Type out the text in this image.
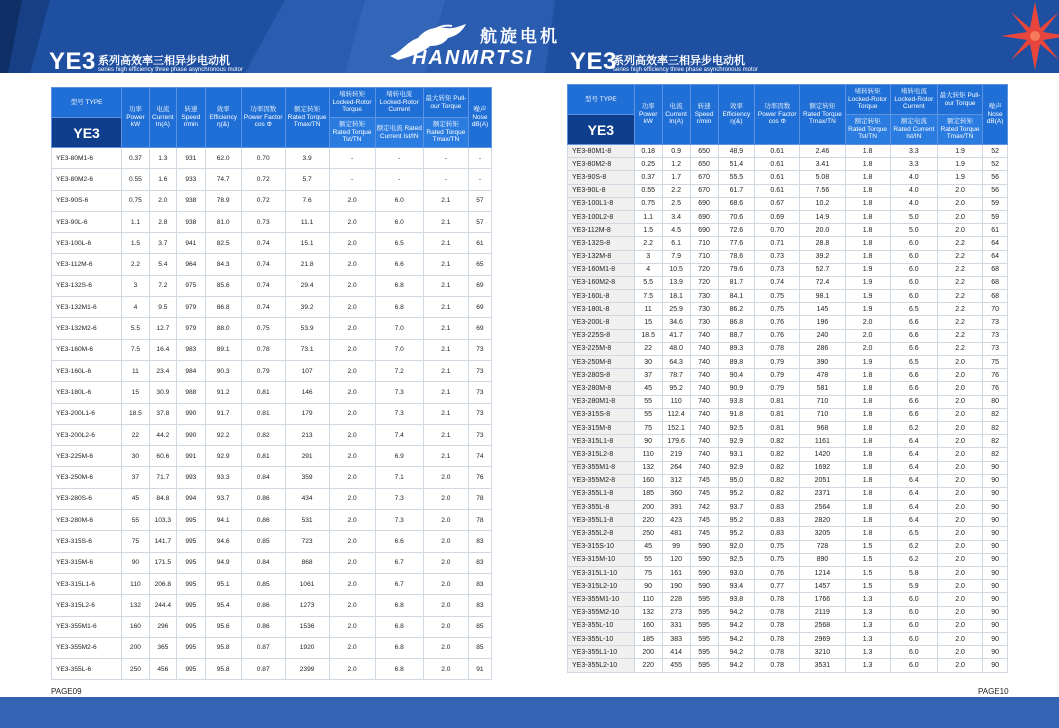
航旋电机
HANMRTSI
YE3 系列高效率三相异步电动机
series high efficiency three phase asynchronous motor	YE3
系列高效率三相异步电动机
series high efficiency three phase asynchronous motor
型号 TYPE	功率 Power kW	电流 Current In(A)	转速 Speed r/min	效率 Efficiency η(&)	功率因数 Power Factor cos Φ	额定转矩 Rated Torque Tmax/TN	堵转转矩 Locked-Rotor Torque	堵转电流 Locked-Rotor Current	最大转矩 Pull-our Torque	噪声 Nose dB(A)
YE3							额定转矩 Rated Torque Tst/TN	额定电流 Rated Current Ist/IN	额定转矩 Rated Torque Tmax/TN	
YE3-80M1-6	0.37	1.3	931	62.0	0.70	3.9	-	-	-	-
YE3-80M2-6	0.55	1.6	933	74.7	0.72	5.7	-	-	-	-
YE3-90S-6	0.75	2.0	938	78.9	0.72	7.6	2.0	6.0	2.1	57
YE3-90L-6	1.1	2.8	938	81.0	0.73	11.1	2.0	6.0	2.1	57
YE3-100L-6	1.5	3.7	941	82.5	0.74	15.1	2.0	6.5	2.1	61
YE3-112M-6	2.2	5.4	964	84.3	0.74	21.8	2.0	6.6	2.1	65
YE3-132S-6	3	7.2	975	85.6	0.74	29.4	2.0	6.8	2.1	69
YE3-132M1-6	4	9.5	979	86.8	0.74	39.2	2.0	6.8	2.1	69
YE3-132M2-6	5.5	12.7	979	88.0	0.75	53.9	2.0	7.0	2.1	69
YE3-160M-6	7.5	16.4	983	89.1	0.78	73.1	2.0	7.0	2.1	73
YE3-160L-6	11	23.4	984	90.3	0.79	107	2.0	7.2	2.1	73
YE3-180L-6	15	30.9	988	91.2	0.81	146	2.0	7.3	2.1	73
YE3-200L1-6	18.5	37.8	990	91.7	0.81	179	2.0	7.3	2.1	73
YE3-200L2-6	22	44.2	990	92.2	0.82	213	2.0	7.4	2.1	73
YE3-225M-6	30	60.6	991	92.9	0.81	291	2.0	6.9	2.1	74
YE3-250M-6	37	71.7	993	93.3	0.84	359	2.0	7.1	2.0	76
YE3-280S-6	45	84.8	994	93.7	0.86	434	2.0	7.3	2.0	78
YE3-280M-6	55	103.3	995	94.1	0.86	531	2.0	7.3	2.0	78
YE3-315S-6	75	141.7	995	94.6	0.85	723	2.0	6.6	2.0	83
YE3-315M-6	90	171.5	995	94.9	0.84	868	2.0	6.7	2.0	83
YE3-315L1-6	110	206.8	995	95.1	0.85	1061	2.0	6.7	2.0	83
YE3-315L2-6	132	244.4	995	95.4	0.86	1273	2.0	6.8	2.0	83
YE3-355M1-6	160	296	995	95.6	0.86	1536	2.0	6.8	2.0	85
YE3-355M2-6	200	365	995	95.8	0.87	1920	2.0	6.8	2.0	85
YE3-355L-6	250	456	995	95.8	0.87	2399	2.0	6.8	2.0	91
型号 TYPE	功率 Power kW	电流 Current In(A)	转速 Speed r/min	效率 Efficiency η(&)	功率因数 Power Factor cos Φ	额定转矩 Rated Torque Tmax/TN	堵转转矩 Locked-Rotor Torque	堵转电流 Locked-Rotor Current	最大转矩 Pull-our Torque	噪声 Nose dB(A)
YE3							额定转矩 Rated Torque Tst/TN	额定电流 Rated Current Ist/IN	额定转矩 Rated Torque Tmax/TN	
YE3-80M1-8	0.18	0.9	650	48.9	0.61	2.46	1.8	3.3	1.9	52
YE3-80M2-8	0.25	1.2	650	51.4	0.61	3.41	1.8	3.3	1.9	52
YE3-90S-8	0.37	1.7	670	55.5	0.61	5.08	1.8	4.0	1.9	56
YE3-90L-8	0.55	2.2	670	61.7	0.61	7.56	1.8	4.0	2.0	56
YE3-100L1-8	0.75	2.5	690	68.6	0.67	10.2	1.8	4.0	2.0	59
YE3-100L2-8	1.1	3.4	690	70.6	0.69	14.9	1.8	5.0	2.0	59
YE3-112M-8	1.5	4.5	690	72.6	0.70	20.0	1.8	5.0	2.0	61
YE3-132S-8	2.2	6.1	710	77.6	0.71	28.8	1.8	6.0	2.2	64
YE3-132M-8	3	7.9	710	78.6	0.73	39.2	1.8	6.0	2.2	64
YE3-160M1-8	4	10.5	720	79.6	0.73	52.7	1.9	6.0	2.2	68
YE3-160M2-8	5.5	13.9	720	81.7	0.74	72.4	1.9	6.0	2.2	68
YE3-160L-8	7.5	18.1	730	84.1	0.75	98.1	1.9	6.0	2.2	68
YE3-180L-8	11	25.9	730	86.2	0.75	145	1.9	6.5	2.2	70
YE3-200L-8	15	34.6	730	86.8	0.76	196	2.0	6.6	2.2	73
YE3-225S-8	18.5	41.7	740	88.7	0.76	240	2.0	6.6	2.2	73
YE3-225M-8	22	48.0	740	89.3	0.78	286	2.0	6.6	2.2	73
YE3-250M-8	30	64.3	740	89.8	0.79	390	1.9	6.5	2.0	75
YE3-280S-8	37	78.7	740	90.4	0.79	478	1.8	6.6	2.0	76
YE3-280M-8	45	95.2	740	90.9	0.79	581	1.8	6.6	2.0	76
YE3-280M1-8	55	110	740	93.8	0.81	710	1.8	6.6	2.0	80
YE3-315S-8	55	112.4	740	91.8	0.81	710	1.8	6.6	2.0	82
YE3-315M-8	75	152.1	740	92.5	0.81	968	1.8	6.2	2.0	82
YE3-315L1-8	90	179.6	740	92.9	0.82	1161	1.8	6.4	2.0	82
YE3-315L2-8	110	219	740	93.1	0.82	1420	1.8	6.4	2.0	82
YE3-355M1-8	132	264	740	92.9	0.82	1692	1.8	6.4	2.0	90
YE3-355M2-8	160	312	745	95.0	0.82	2051	1.8	6.4	2.0	90
YE3-355L1-8	185	360	745	95.2	0.82	2371	1.8	6.4	2.0	90
YE3-355L-8	200	391	742	93.7	0.83	2564	1.8	6.4	2.0	90
YE3-355L1-8	220	423	745	95.2	0.83	2820	1.8	6.4	2.0	90
YE3-355L2-8	250	481	745	95.2	0.83	3205	1.8	6.5	2.0	90
YE3-315S-10	45	99	590	92.0	0.75	728	1.5	6.2	2.0	90
YE3-315M-10	55	120	590	92.5	0.75	890	1.5	6.2	2.0	90
YE3-315L1-10	75	161	590	93.0	0.76	1214	1.5	5.8	2.0	90
YE3-315L2-10	90	190	590	93.4	0.77	1457	1.5	5.9	2.0	90
YE3-355M1-10	110	228	595	93.8	0.78	1766	1.3	6.0	2.0	90
YE3-355M2-10	132	273	595	94.2	0.78	2119	1.3	6.0	2.0	90
YE3-355L-10	160	331	595	94.2	0.78	2568	1.3	6.0	2.0	90
YE3-355L-10	185	383	595	94.2	0.78	2969	1.3	6.0	2.0	90
YE3-355L1-10	200	414	595	94.2	0.78	3210	1.3	6.0	2.0	90
YE3-355L2-10	220	455	595	94.2	0.78	3531	1.3	6.0	2.0	90
PAGE09	PAGE10
